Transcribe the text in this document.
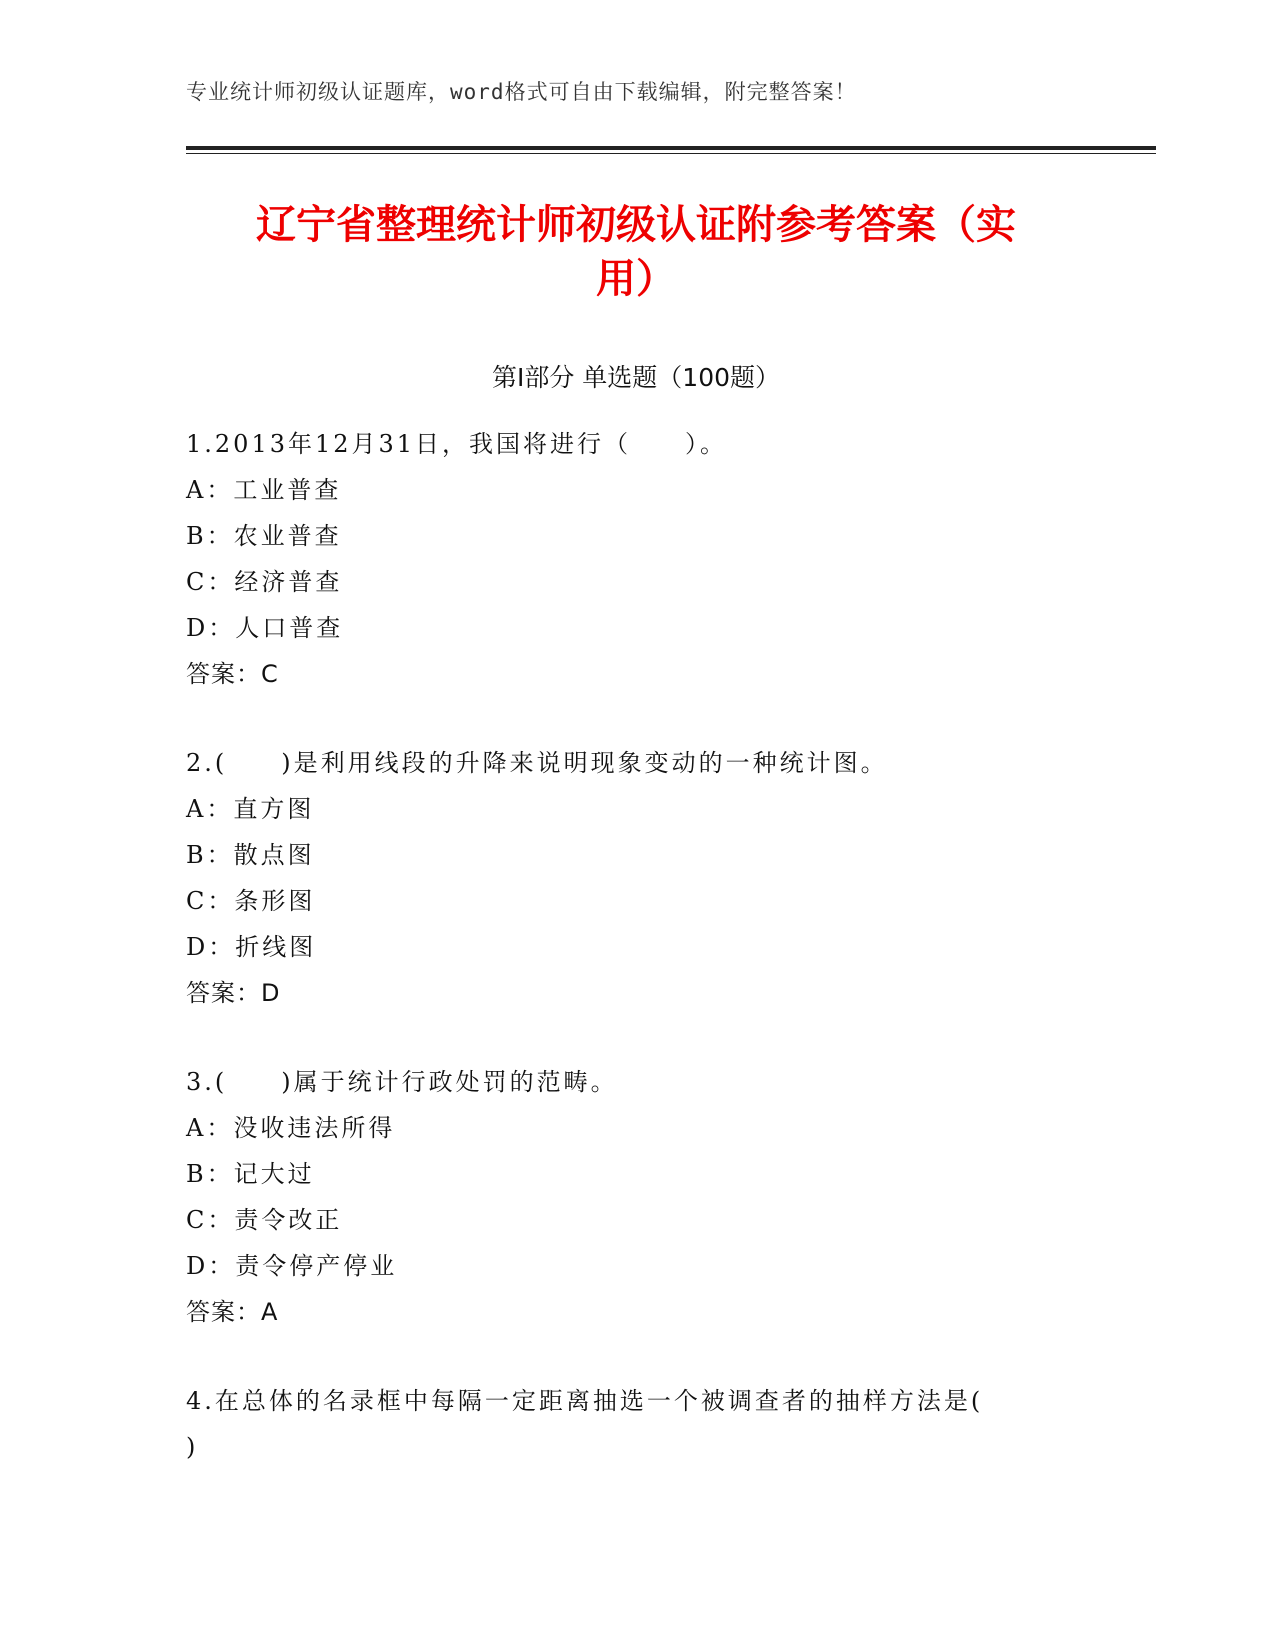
专业统计师初级认证题库，word格式可自由下载编辑，附完整答案！
辽宁省整理统计师初级认证附参考答案（实
用）
第Ⅰ部分 单选题（100题）
1.2013年12月31日，我国将进行（　　）。
A：工业普查
B：农业普查
C：经济普查
D：人口普查
答案：C
2.(　　)是利用线段的升降来说明现象变动的一种统计图。
A：直方图
B：散点图
C：条形图
D：折线图
答案：D
3.(　　)属于统计行政处罚的范畴。
A：没收违法所得
B：记大过
C：责令改正
D：责令停产停业
答案：A
4.在总体的名录框中每隔一定距离抽选一个被调查者的抽样方法是(
)
